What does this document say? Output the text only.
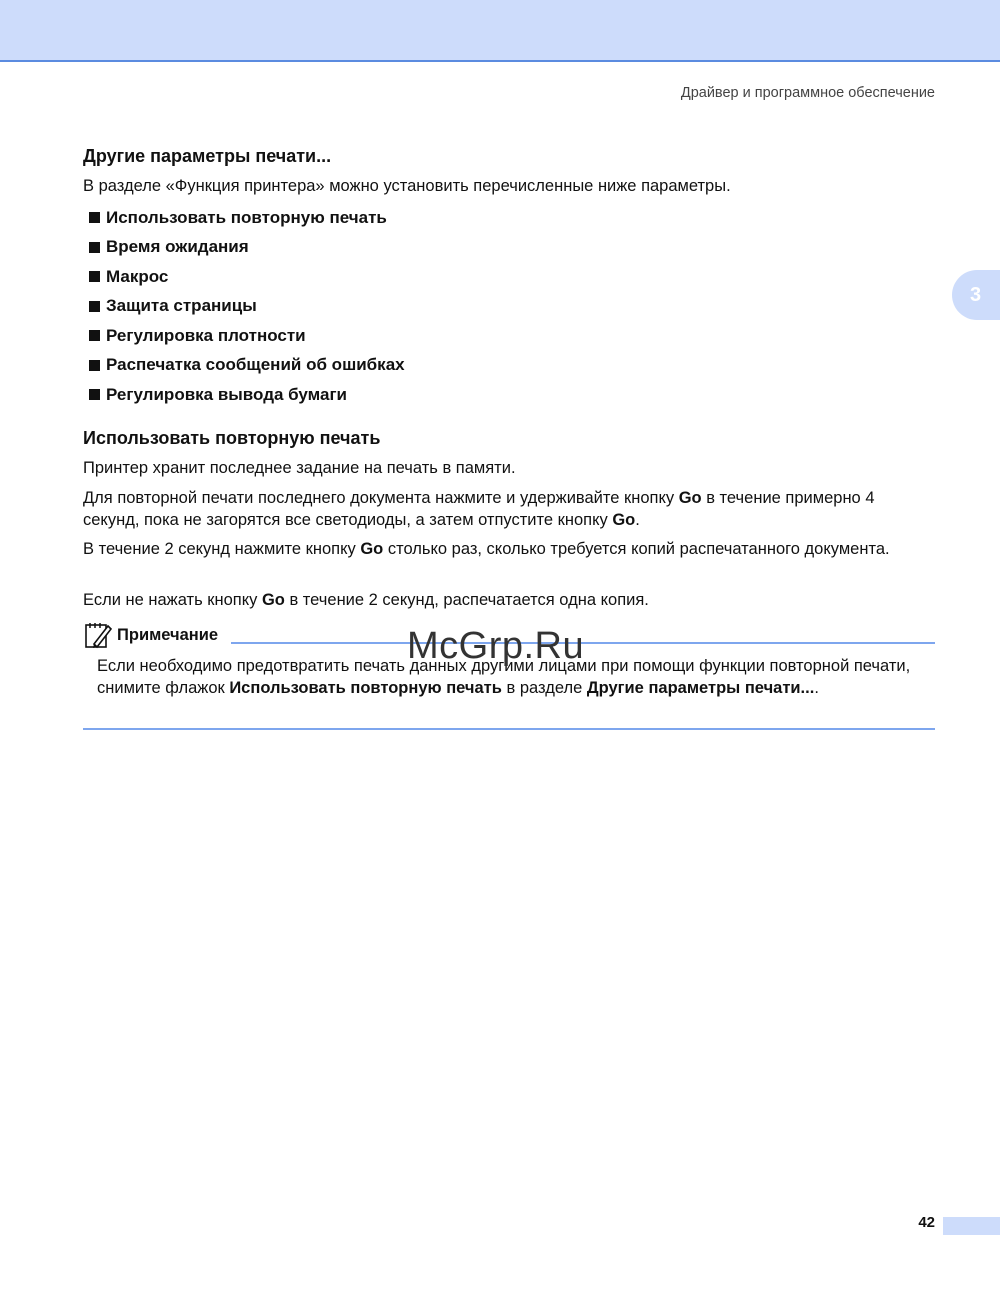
Драйвер и программное обеспечение
3
Другие параметры печати...

В разделе «Функция принтера» можно установить перечисленные ниже параметры.

Использовать повторную печать
Время ожидания
Макрос
Защита страницы
Регулировка плотности
Распечатка сообщений об ошибках
Регулировка вывода бумаги
Использовать повторную печать

Принтер хранит последнее задание на печать в памяти.

Для повторной печати последнего документа нажмите и удерживайте кнопку Go в течение примерно 4 секунд, пока не загорятся все светодиоды, а затем отпустите кнопку Go.

В течение 2 секунд нажмите кнопку Go столько раз, сколько требуется копий распечатанного документа.

Если не нажать кнопку Go в течение 2 секунд, распечатается одна копия.

Примечание
Если необходимо предотвратить печать данных другими лицами при помощи функции повторной печати, снимите флажок Использовать повторную печать в разделе Другие параметры печати....
McGrp.Ru
42
